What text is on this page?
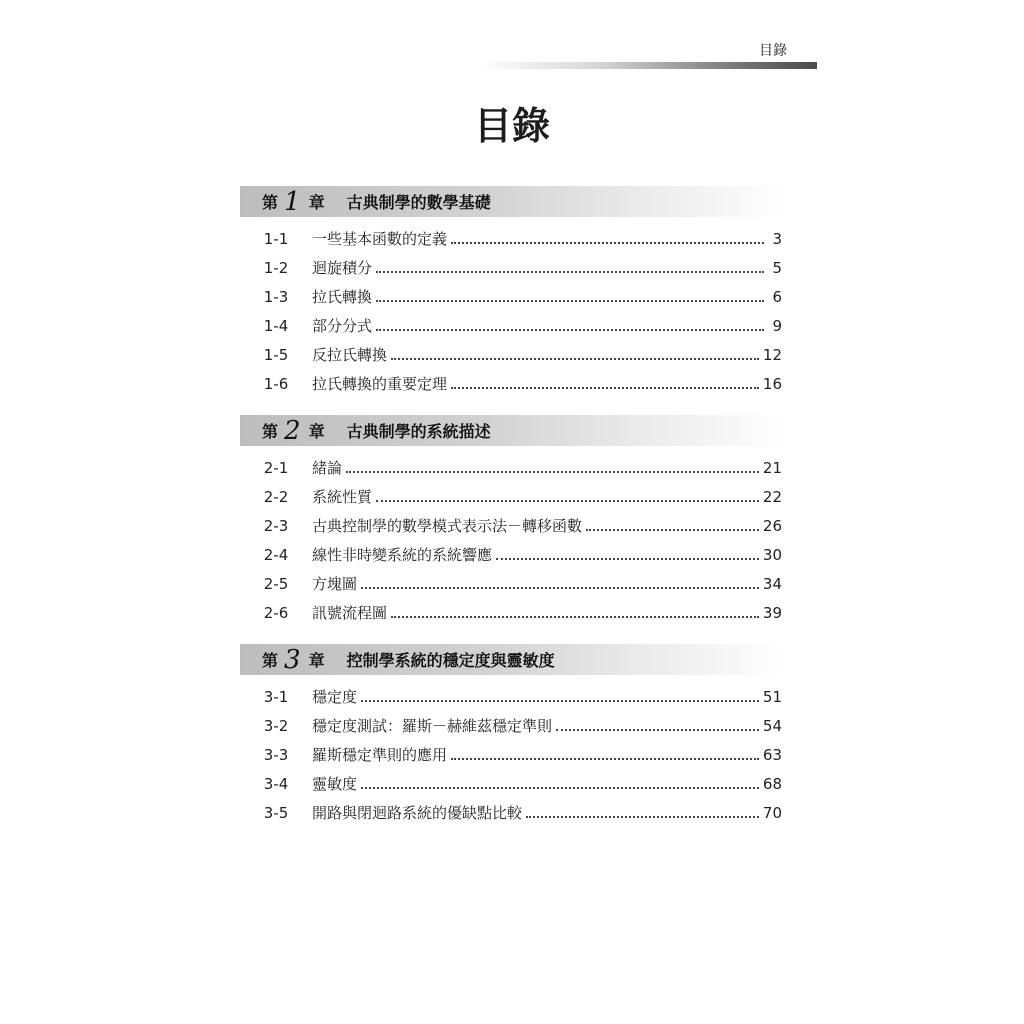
目錄
目錄
第 1 章 古典制學的數學基礎
1-1	一些基本函數的定義	3
1-2	迴旋積分	5
1-3	拉氏轉換	6
1-4	部分分式	9
1-5	反拉氏轉換	12
1-6	拉氏轉換的重要定理	16
第 2 章 古典制學的系統描述
2-1	緒論	21
2-2	系統性質	22
2-3	古典控制學的數學模式表示法－轉移函數	26
2-4	線性非時變系統的系統響應	30
2-5	方塊圖	34
2-6	訊號流程圖	39
第 3 章 控制學系統的穩定度與靈敏度
3-1	穩定度	51
3-2	穩定度測試：羅斯－赫維茲穩定準則	54
3-3	羅斯穩定準則的應用	63
3-4	靈敏度	68
3-5	開路與閉迴路系統的優缺點比較	70
